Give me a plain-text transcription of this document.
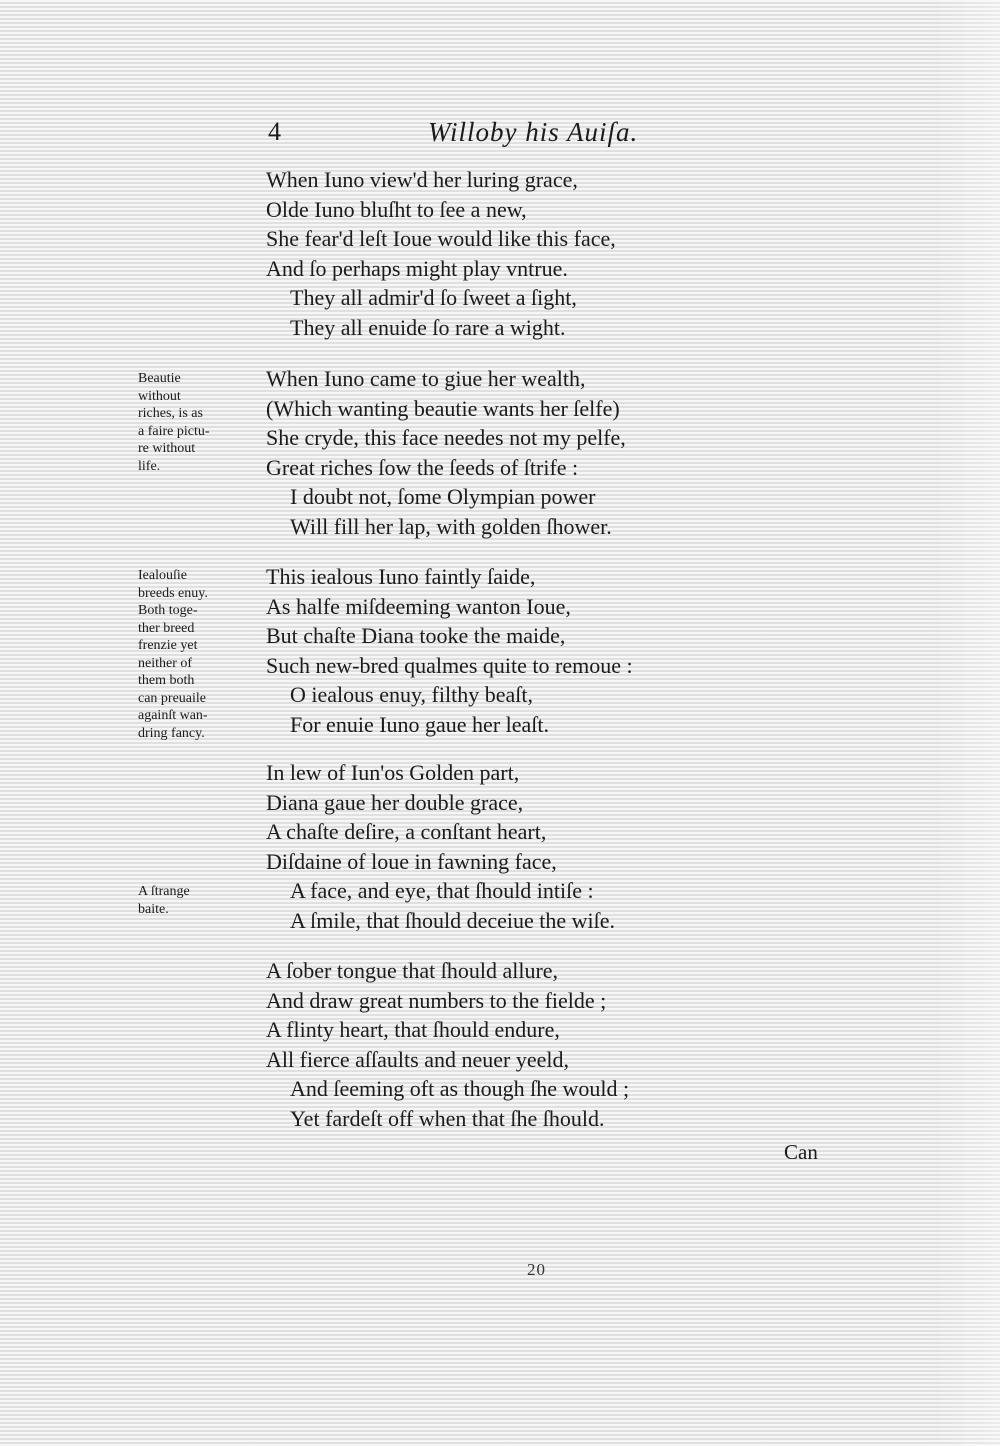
4	Willoby his Auiſa.
When Iuno view'd her luring grace,
Olde Iuno bluſht to ſee a new,
She fear'd leſt Ioue would like this face,
And ſo perhaps might play vntrue.
They all admir'd ſo ſweet a ſight,
They all enuide ſo rare a wight.
When Iuno came to giue her wealth,
(Which wanting beautie wants her ſelfe)
She cryde, this face needes not my pelfe,
Great riches ſow the ſeeds of ſtrife :
I doubt not, ſome Olympian power
Will fill her lap, with golden ſhower.
This iealous Iuno faintly ſaide,
As halfe miſdeeming wanton Ioue,
But chaſte Diana tooke the maide,
Such new-bred qualmes quite to remoue :
O iealous enuy, filthy beaſt,
For enuie Iuno gaue her leaſt.
In lew of Iun'os Golden part,
Diana gaue her double grace,
A chaſte deſire, a conſtant heart,
Diſdaine of loue in fawning face,
A face, and eye, that ſhould intiſe :
A ſmile, that ſhould deceiue the wiſe.
A ſober tongue that ſhould allure,
And draw great numbers to the fielde ;
A flinty heart, that ſhould endure,
All fierce aſſaults and neuer yeeld,
And ſeeming oft as though ſhe would ;
Yet fardeſt off when that ſhe ſhould.
Beautie
without
riches, is as
a faire pictu-
re without
life.
Iealouſie
breeds enuy.
Both toge-
ther breed
frenzie yet
neither of
them both
can preuaile
againſt wan-
dring fancy.
A ſtrange
baite.
Can
20
